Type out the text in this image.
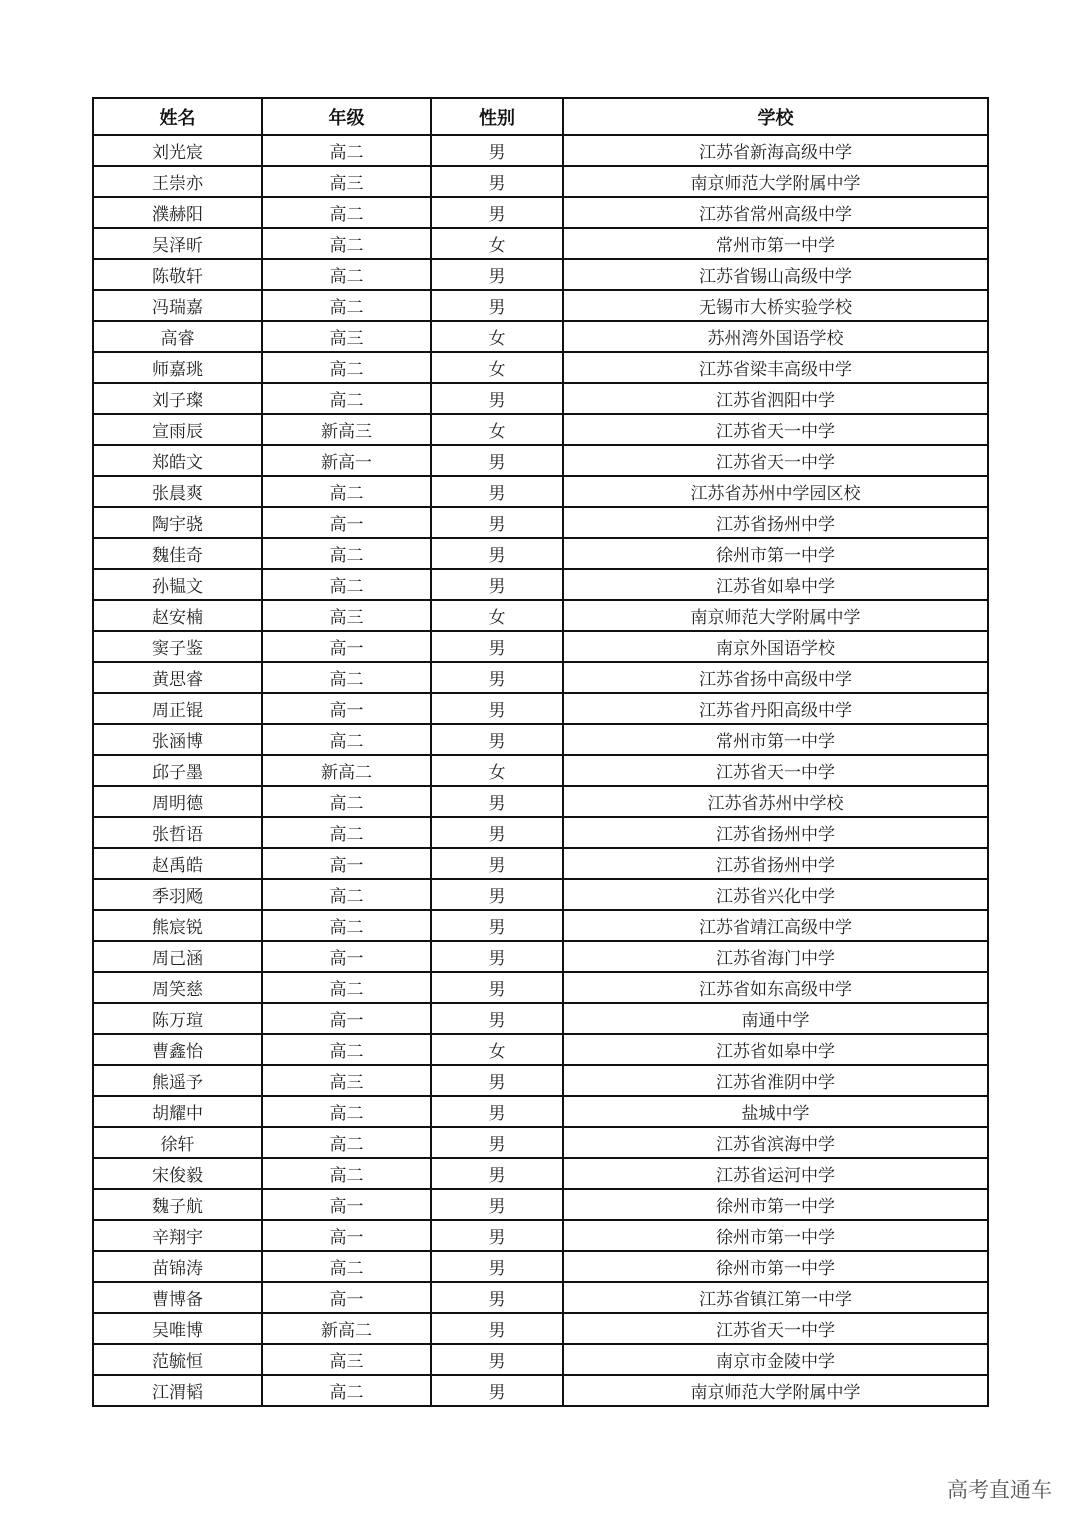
姓名	年级	性别	学校
刘光宸	高二	男	江苏省新海高级中学
王崇亦	高三	男	南京师范大学附属中学
濮赫阳	高二	男	江苏省常州高级中学
吴泽昕	高二	女	常州市第一中学
陈敬轩	高二	男	江苏省锡山高级中学
冯瑞嘉	高二	男	无锡市大桥实验学校
高睿	高三	女	苏州湾外国语学校
师嘉珧	高二	女	江苏省梁丰高级中学
刘子璨	高二	男	江苏省泗阳中学
宣雨辰	新高三	女	江苏省天一中学
郑皓文	新高一	男	江苏省天一中学
张晨爽	高二	男	江苏省苏州中学园区校
陶宇骁	高一	男	江苏省扬州中学
魏佳奇	高二	男	徐州市第一中学
孙韫文	高二	男	江苏省如皋中学
赵安楠	高三	女	南京师范大学附属中学
窦子鉴	高一	男	南京外国语学校
黄思睿	高二	男	江苏省扬中高级中学
周正锟	高一	男	江苏省丹阳高级中学
张涵博	高二	男	常州市第一中学
邱子墨	新高二	女	江苏省天一中学
周明德	高二	男	江苏省苏州中学校
张哲语	高二	男	江苏省扬州中学
赵禹皓	高一	男	江苏省扬州中学
季羽飏	高二	男	江苏省兴化中学
熊宸锐	高二	男	江苏省靖江高级中学
周己涵	高一	男	江苏省海门中学
周笑慈	高二	男	江苏省如东高级中学
陈万瑄	高一	男	南通中学
曹鑫怡	高二	女	江苏省如皋中学
熊遥予	高三	男	江苏省淮阴中学
胡耀中	高二	男	盐城中学
徐轩	高二	男	江苏省滨海中学
宋俊毅	高二	男	江苏省运河中学
魏子航	高一	男	徐州市第一中学
辛翔宇	高一	男	徐州市第一中学
苗锦涛	高二	男	徐州市第一中学
曹博备	高一	男	江苏省镇江第一中学
吴唯博	新高二	男	江苏省天一中学
范毓恒	高三	男	南京市金陵中学
江渭韬	高二	男	南京师范大学附属中学
高考直通车
